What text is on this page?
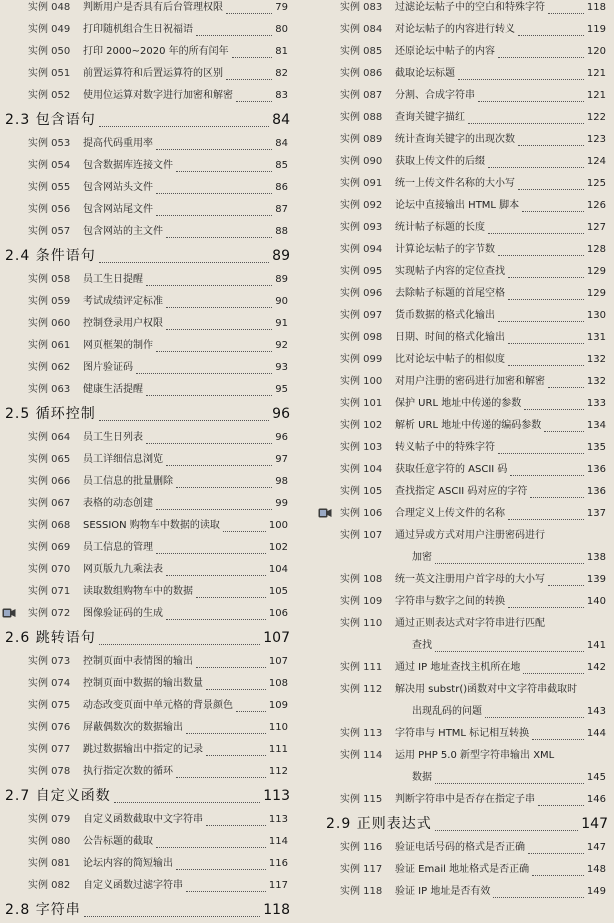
实例 048 判断用户是否具有后台管理权限	79
实例 049 打印随机组合生日祝福语	80
实例 050 打印 2000~2020 年的所有闰年	81
实例 051 前置运算符和后置运算符的区别	82
实例 052 使用位运算对数字进行加密和解密	83
2.3 包含语句	84
实例 053 提高代码重用率	84
实例 054 包含数据库连接文件	85
实例 055 包含网站头文件	86
实例 056 包含网站尾文件	87
实例 057 包含网站的主文件	88
2.4 条件语句	89
实例 058 员工生日提醒	89
实例 059 考试成绩评定标准	90
实例 060 控制登录用户权限	91
实例 061 网页框架的制作	92
实例 062 图片验证码	93
实例 063 健康生活提醒	95
2.5 循环控制	96
实例 064 员工生日列表	96
实例 065 员工详细信息浏览	97
实例 066 员工信息的批量删除	98
实例 067 表格的动态创建	99
实例 068 SESSION 购物车中数据的读取	100
实例 069 员工信息的管理	102
实例 070 网页版九九乘法表	104
实例 071 读取数组购物车中的数据	105
实例 072 图像验证码的生成	106
2.6 跳转语句	107
实例 073 控制页面中表情图的输出	107
实例 074 控制页面中数据的输出数量	108
实例 075 动态改变页面中单元格的背景颜色	109
实例 076 屏蔽偶数次的数据输出	110
实例 077 跳过数据输出中指定的记录	111
实例 078 执行指定次数的循环	112
2.7 自定义函数	113
实例 079 自定义函数截取中文字符串	113
实例 080 公告标题的截取	114
实例 081 论坛内容的简短输出	116
实例 082 自定义函数过滤字符串	117
2.8 字符串	118
实例 083 过滤论坛帖子中的空白和特殊字符	118
实例 084 对论坛帖子的内容进行转义	119
实例 085 还原论坛中帖子的内容	120
实例 086 截取论坛标题	121
实例 087 分割、合成字符串	121
实例 088 查询关键字描红	122
实例 089 统计查询关键字的出现次数	123
实例 090 获取上传文件的后缀	124
实例 091 统一上传文件名称的大小写	125
实例 092 论坛中直接输出 HTML 脚本	126
实例 093 统计帖子标题的长度	127
实例 094 计算论坛帖子的字节数	128
实例 095 实现帖子内容的定位查找	129
实例 096 去除帖子标题的首尾空格	129
实例 097 货币数据的格式化输出	130
实例 098 日期、时间的格式化输出	131
实例 099 比对论坛中帖子的相似度	132
实例 100 对用户注册的密码进行加密和解密	132
实例 101 保护 URL 地址中传递的参数	133
实例 102 解析 URL 地址中传递的编码参数	134
实例 103 转义帖子中的特殊字符	135
实例 104 获取任意字符的 ASCII 码	136
实例 105 查找指定 ASCII 码对应的字符	136
实例 106 合理定义上传文件的名称	137
实例 107 通过异或方式对用户注册密码进行
加密	138
实例 108 统一英文注册用户首字母的大小写	139
实例 109 字符串与数字之间的转换	140
实例 110 通过正则表达式对字符串进行匹配
查找	141
实例 111 通过 IP 地址查找主机所在地	142
实例 112 解决用 substr()函数对中文字符串截取时
出现乱码的问题	143
实例 113 字符串与 HTML 标记相互转换	144
实例 114 运用 PHP 5.0 新型字符串输出 XML
数据	145
实例 115 判断字符串中是否存在指定子串	146
2.9 正则表达式	147
实例 116 验证电话号码的格式是否正确	147
实例 117 验证 Email 地址格式是否正确	148
实例 118 验证 IP 地址是否有效	149
